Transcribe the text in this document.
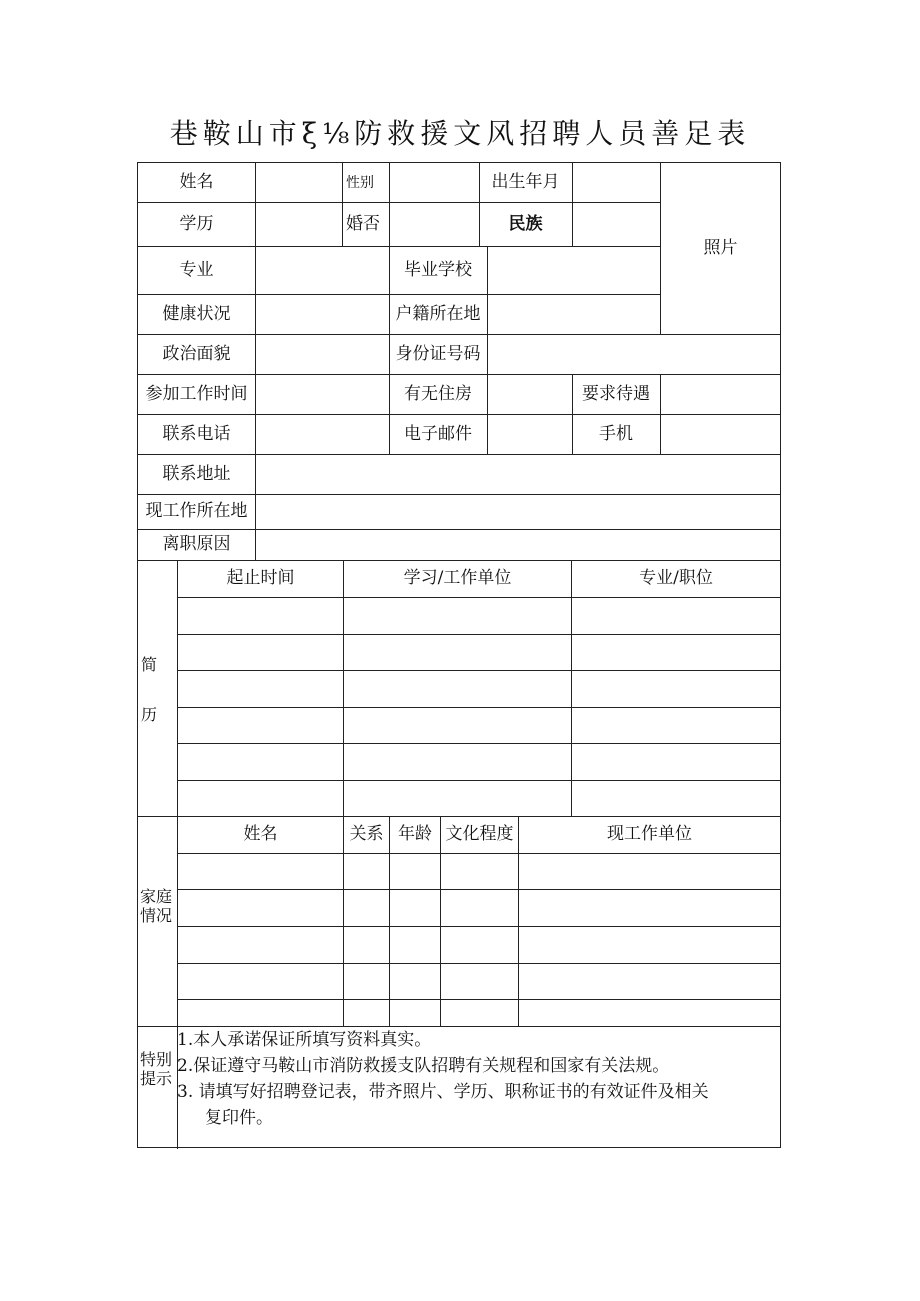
巷鞍山市ξ⅛防救援文风招聘人员善足表
姓名	性别	出生年月
照片
学历	婚否	民族
专业	毕业学校
健康状况	户籍所在地
政治面貌	身份证号码
参加工作时间	有无住房	要求待遇
联系电话	电子邮件	手机
联系地址
现工作所在地
离职原因
简
历
起止时间	学习/工作单位	专业/职位
家庭情况
姓名	关系 年龄 文化程度	现工作单位
特别提示
1.本人承诺保证所填写资料真实。
2.保证遵守马鞍山市消防救援支队招聘有关规程和国家有关法规。
3. 请填写好招聘登记表，带齐照片、学历、职称证书的有效证件及相关
复印件。
